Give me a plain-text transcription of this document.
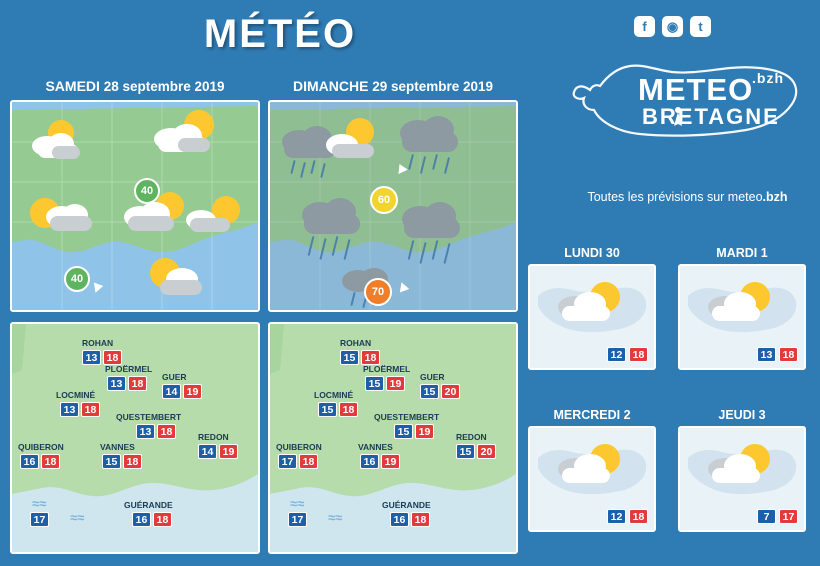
MÉTÉO	f	◉	t
METEO
.bzh
BRETAGNE
Toutes les prévisions sur meteo.bzh
SAMEDI 28 septembre 2019
40
40
ROHAN
13 18
PLOËRMEL
13 18
GUER
14 19
LOCMINÉ
13 18
QUESTEMBERT
13 18	REDON
14 19
QUIBERON
16 18
VANNES
15 18
GUÉRANDE
16 18
≈≈
≈≈
17
DIMANCHE 29 septembre 2019
60
70
ROHAN
15 18
PLOËRMEL
15 19
GUER
15 20
LOCMINÉ
15 18
QUESTEMBERT
15 19	REDON
15 20
QUIBERON
17 18
VANNES
16 19
GUÉRANDE
16 18
≈≈
≈≈
17
LUNDI 30
12 18
MARDI 1
13 18
MERCREDI 2
12 18
JEUDI 3
7	17
